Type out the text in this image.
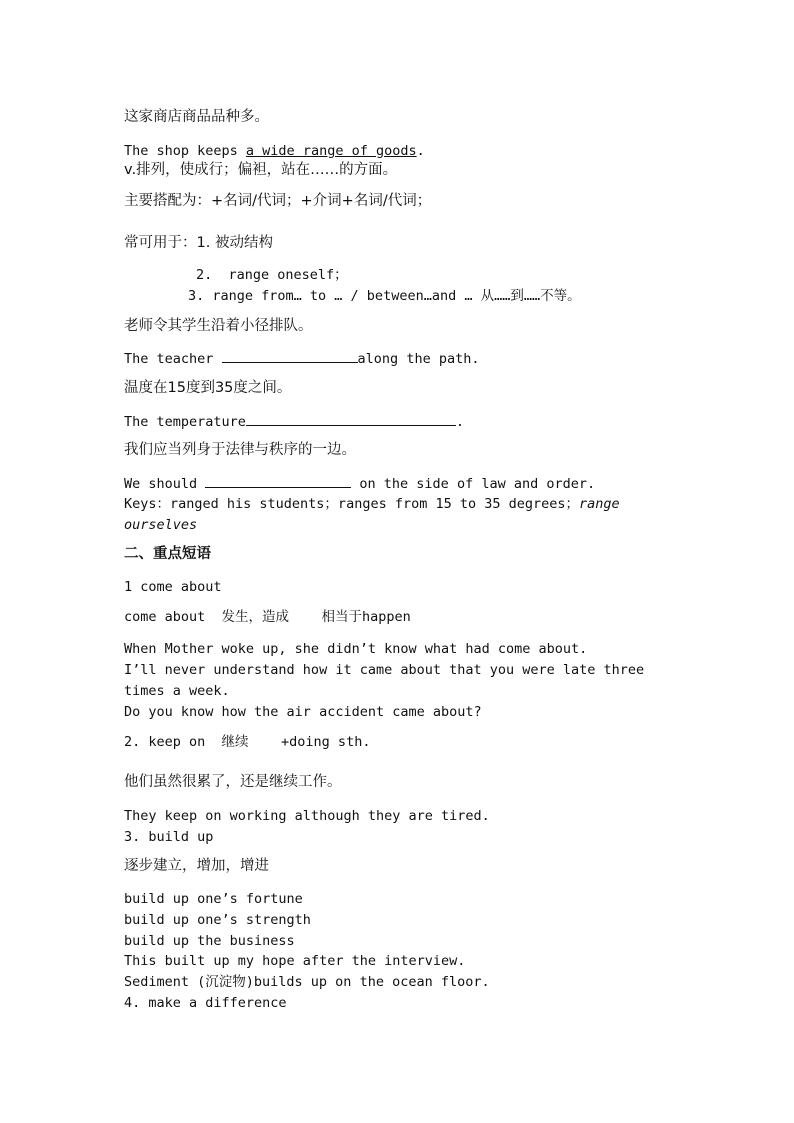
这家商店商品品种多。
The shop keeps a wide range of goods.
v.排列，使成行；偏袒，站在……的方面。
主要搭配为：+名词/代词；+介词+名词/代词；
常可用于：1. 被动结构
2.  range oneself；
3. range from… to … / between…and … 从……到……不等。
老师令其学生沿着小径排队。
The teacher	along the path.
温度在15度到35度之间。
The temperature	.
我们应当列身于法律与秩序的一边。
We should	on the side of law and order.
Keys：ranged his students；ranges from 15 to 35 degrees；range
ourselves
二、重点短语
1 come about
come about  发生，造成    相当于happen
When Mother woke up, she didn’t know what had come about.
I’ll never understand how it came about that you were late three
times a week.
Do you know how the air accident came about?
2. keep on  继续    +doing sth.
他们虽然很累了，还是继续工作。
They keep on working although they are tired.
3. build up
逐步建立，增加，增进
build up one’s fortune
build up one’s strength
build up the business
This built up my hope after the interview.
Sediment (沉淀物)builds up on the ocean floor.
4. make a difference
